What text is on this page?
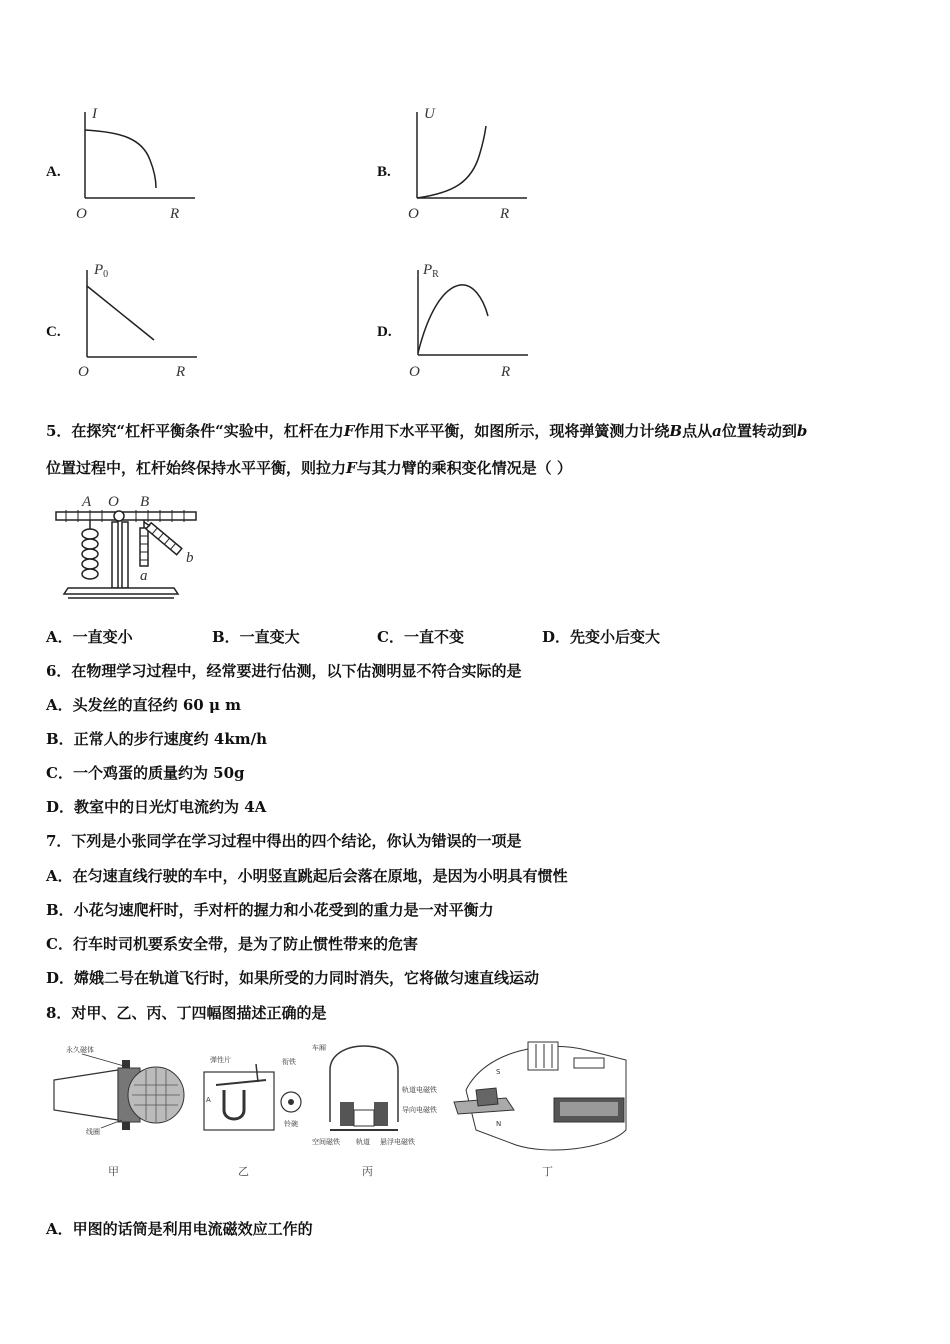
A.
I
O	R
B.
U
O	R
C.
$P_0$
O	R
D.
$P_R$
O	R
5．在探究“杠杆平衡条件“实验中，杠杆在力F作用下水平平衡，如图所示，现将弹簧测力计绕B点从a位置转动到b
位置过程中，杠杆始终保持水平平衡，则拉力F与其力臂的乘积变化情况是（ ）
A O B
a
b
A．一直变小	B．一直变大	C．一直不变	D．先变小后变大
6．在物理学习过程中，经常要进行估测，以下估测明显不符合实际的是
A．头发丝的直径约 60 μ m
B．正常人的步行速度约 4km/h
C．一个鸡蛋的质量约为 50g
D．教室中的日光灯电流约为 4A
7．下列是小张同学在学习过程中得出的四个结论，你认为错误的一项是
A．在匀速直线行驶的车中，小明竖直跳起后会落在原地，是因为小明具有惯性
B．小花匀速爬杆时，手对杆的握力和小花受到的重力是一对平衡力
C．行车时司机要系安全带，是为了防止惯性带来的危害
D．嫦娥二号在轨道飞行时，如果所受的力同时消失，它将做匀速直线运动
8．对甲、乙、丙、丁四幅图描述正确的是
永久磁体
线圈
弹性片	衔铁
A
铃碗
车厢
轨道电磁铁
导向电磁铁
空间磁铁 轨道 悬浮电磁铁
S
N
甲	乙	丙	丁
A．甲图的话筒是利用电流磁效应工作的
